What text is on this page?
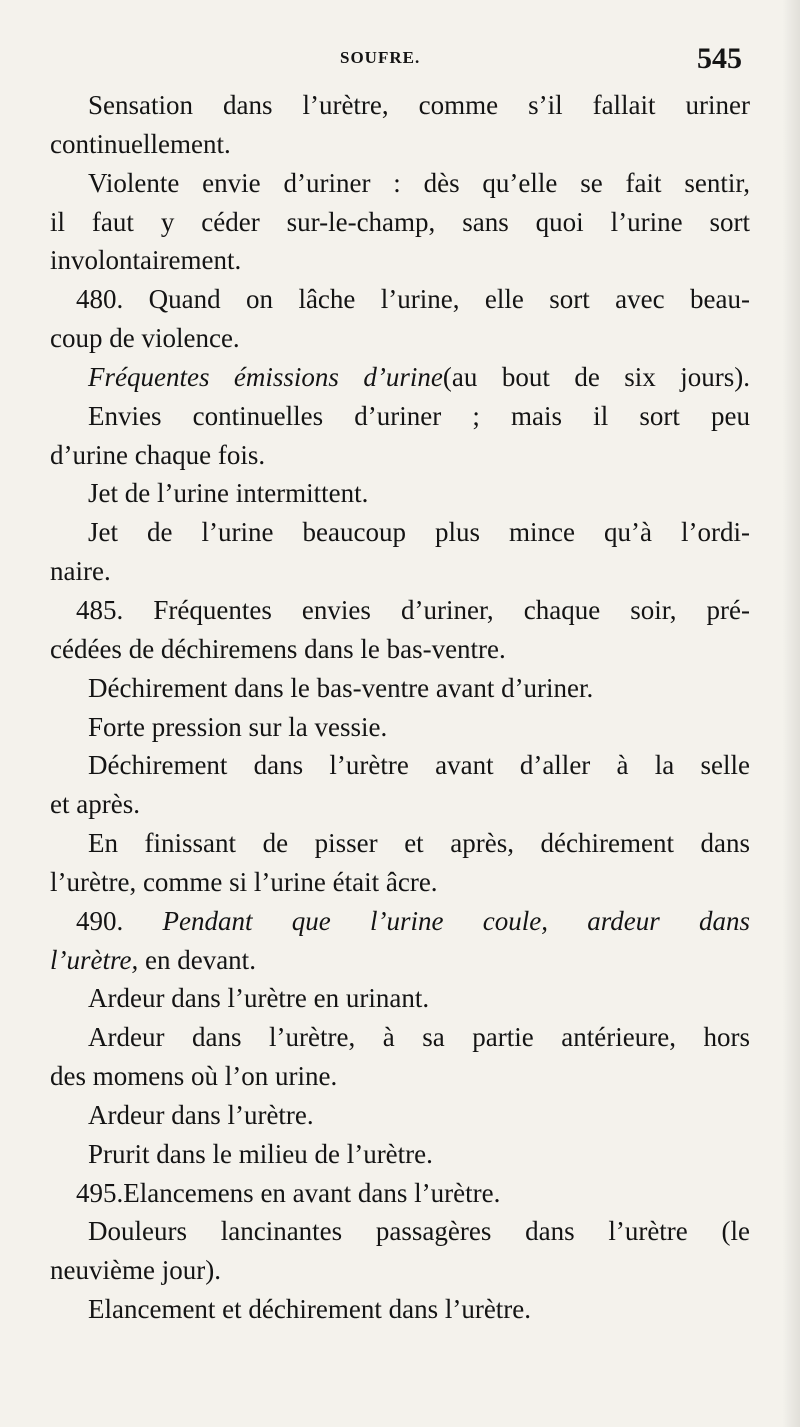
SOUFRE.	545
Sensation dans l’urètre, comme s’il fallait uriner
continuellement.
Violente envie d’uriner : dès qu’elle se fait sentir,
il faut y céder sur-le-champ, sans quoi l’urine sort
involontairement.
480. Quand on lâche l’urine, elle sort avec beau-
coup de violence.
Fréquentes émissions d’urine(au bout de six jours).
Envies continuelles d’uriner ; mais il sort peu
d’urine chaque fois.
Jet de l’urine intermittent.
Jet de l’urine beaucoup plus mince qu’à l’ordi-
naire.
485. Fréquentes envies d’uriner, chaque soir, pré-
cédées de déchiremens dans le bas-ventre.
Déchirement dans le bas-ventre avant d’uriner.
Forte pression sur la vessie.
Déchirement dans l’urètre avant d’aller à la selle
et après.
En finissant de pisser et après, déchirement dans
l’urètre, comme si l’urine était âcre.
490. Pendant que l’urine coule, ardeur dans
l’urètre, en devant.
Ardeur dans l’urètre en urinant.
Ardeur dans l’urètre, à sa partie antérieure, hors
des momens où l’on urine.
Ardeur dans l’urètre.
Prurit dans le milieu de l’urètre.
495.Elancemens en avant dans l’urètre.
Douleurs lancinantes passagères dans l’urètre (le
neuvième jour).
Elancement et déchirement dans l’urètre.
